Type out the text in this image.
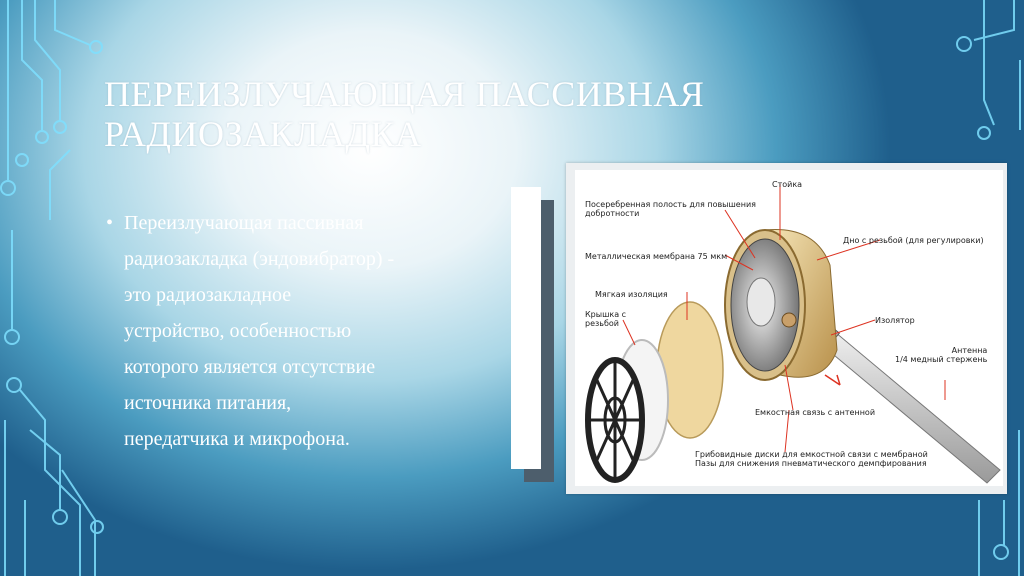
ПЕРЕИЗЛУЧАЮЩАЯ ПАССИВНАЯ РАДИОЗАКЛАДКА
• Переизлучающая пассивная
радиозакладка (эндовибратор) -
это радиозакладное
устройство, особенностью
которого является отсутствие
источника питания,
передатчика и микрофона.

Стойка
Посеребренная полость для повышения
добротности
Дно с резьбой (для регулировки)
Металлическая мембрана 75 мкм
Мягкая изоляция
Крышка с
резьбой	Изолятор
Антенна
1/4 медный стержень
Емкостная связь с антенной
Грибовидные диски для емкостной связи с мембраной
Пазы для снижения пневматического демпфирования
